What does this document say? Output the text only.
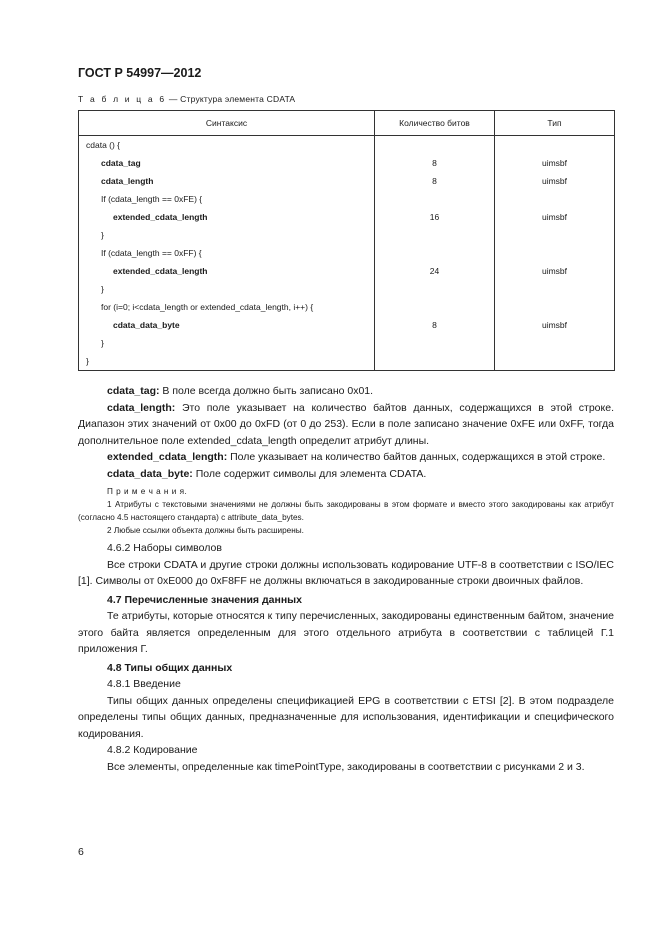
ГОСТ Р 54997—2012
Т а б л и ц а 6 — Структура элемента CDATA
Синтаксис	Количество битов	Тип
cdata () {		
cdata_tag	8	uimsbf
cdata_length	8	uimsbf
If (cdata_length == 0xFE) {		
extended_cdata_length	16	uimsbf
}		
If (cdata_length == 0xFF) {		
extended_cdata_length	24	uimsbf
}		
for (i=0; i<cdata_length or extended_cdata_length, i++) {		
cdata_data_byte	8	uimsbf
}		
}		

cdata_tag: В поле всегда должно быть записано 0x01.

cdata_length: Это поле указывает на количество байтов данных, содержащихся в этой строке. Диапазон этих значений от 0x00 до 0xFD (от 0 до 253). Если в поле записано значение 0xFE или 0xFF, тогда дополнительное поле extended_cdata_length определит атрибут длины.

extended_cdata_length: Поле указывает на количество байтов данных, содержащихся в этой строке.

cdata_data_byte: Поле содержит символы для элемента CDATA.

П р и м е ч а н и я.

1 Атрибуты с текстовыми значениями не должны быть закодированы в этом формате и вместо этого закодированы как атрибут (согласно 4.5 настоящего стандарта) с attribute_data_bytes.

2 Любые ссылки объекта должны быть расширены.

4.6.2 Наборы символов

Все строки CDATA и другие строки должны использовать кодирование UTF-8 в соответствии с ISO/IEC [1]. Символы от 0xE000 до 0xF8FF не должны включаться в закодированные строки двоичных файлов.

4.7 Перечисленные значения данных

Те атрибуты, которые относятся к типу перечисленных, закодированы единственным байтом, значение этого байта является определенным для этого отдельного атрибута в соответствии с таблицей Г.1 приложения Г.

4.8 Типы общих данных

4.8.1 Введение

Типы общих данных определены спецификацией EPG в соответствии с ETSI [2]. В этом подразделе определены типы общих данных, предназначенные для использования, идентификации и специфического кодирования.

4.8.2 Кодирование

Все элементы, определенные как timePointType, закодированы в соответствии с рисунками 2 и 3.

6
